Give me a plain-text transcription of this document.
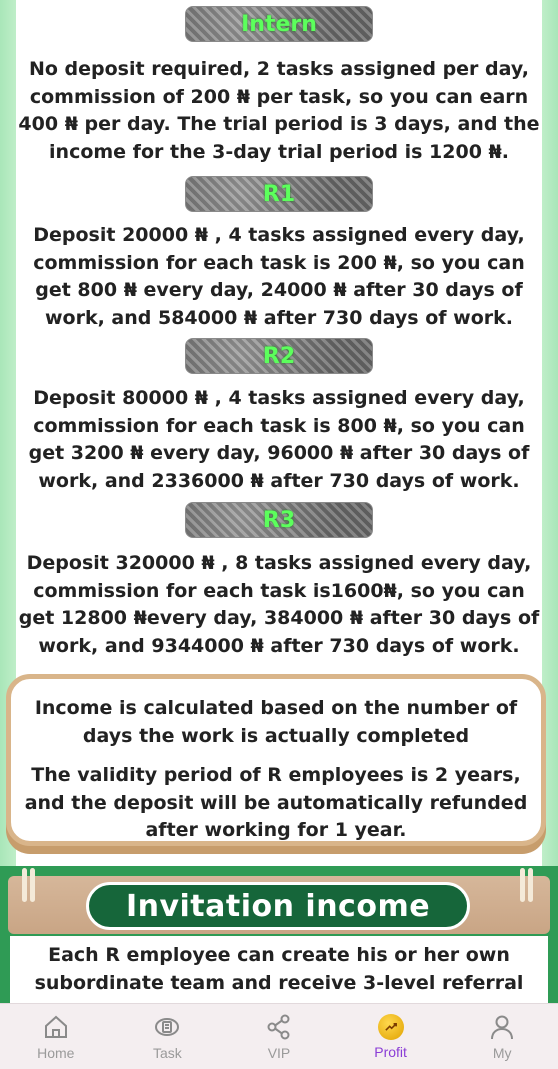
Intern

No deposit required, 2 tasks assigned per day, commission of 200 ₦ per task, so you can earn 400 ₦ per day. The trial period is 3 days, and the income for the 3-day trial period is 1200 ₦.

R1

Deposit 20000 ₦ , 4 tasks assigned every day, commission for each task is 200 ₦, so you can get 800 ₦ every day, 24000 ₦ after 30 days of work, and 584000 ₦ after 730 days of work.

R2

Deposit 80000 ₦ , 4 tasks assigned every day, commission for each task is 800 ₦, so you can get 3200 ₦ every day, 96000 ₦ after 30 days of work, and 2336000 ₦ after 730 days of work.

R3

Deposit 320000 ₦ , 8 tasks assigned every day, commission for each task is1600₦, so you can get 12800 ₦every day, 384000 ₦ after 30 days of work, and 9344000 ₦ after 730 days of work.

Income is calculated based on the number of days the work is actually completed

The validity period of R employees is 2 years, and the deposit will be automatically refunded after working for 1 year.

Invitation income
Each R employee can create his or her own subordinate team and receive 3-level referral
Home	Task	VIP	Profit	My
